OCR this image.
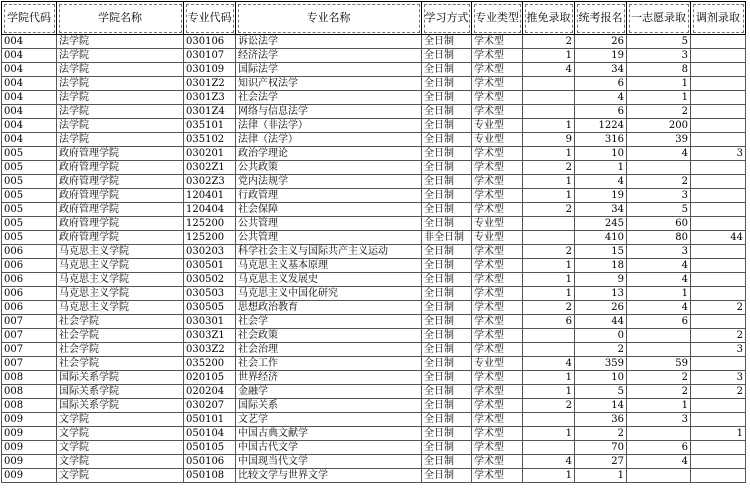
学院代码	学院名称	专业代码	专业名称	学习方式	专业类型	推免录取	统考报名	一志愿录取	调剂录取
004	法学院	030106	诉讼法学	全日制	学术型	2	26	5	
004	法学院	030107	经济法学	全日制	学术型	1	19	3	
004	法学院	030109	国际法学	全日制	学术型	4	34	8	
004	法学院	0301Z2	知识产权法学	全日制	学术型		6	1	
004	法学院	0301Z3	社会法学	全日制	学术型		4	1	
004	法学院	0301Z4	网络与信息法学	全日制	学术型		6	2	
004	法学院	035101	法律（非法学）	全日制	专业型	1	1224	200	
004	法学院	035102	法律（法学）	全日制	专业型	9	316	39	
005	政府管理学院	030201	政治学理论	全日制	学术型	1	10	4	3
005	政府管理学院	0302Z1	公共政策	全日制	学术型	2	1		
005	政府管理学院	0302Z3	党内法规学	全日制	学术型	1	4	2	
005	政府管理学院	120401	行政管理	全日制	学术型	1	19	3	
005	政府管理学院	120404	社会保障	全日制	学术型	2	34	5	
005	政府管理学院	125200	公共管理	全日制	专业型		245	60	
005	政府管理学院	125200	公共管理	非全日制	专业型		410	80	44
006	马克思主义学院	030203	科学社会主义与国际共产主义运动	全日制	学术型	2	15	3	
006	马克思主义学院	030501	马克思主义基本原理	全日制	学术型	1	18	4	
006	马克思主义学院	030502	马克思主义发展史	全日制	学术型	1	9	4	
006	马克思主义学院	030503	马克思主义中国化研究	全日制	学术型	1	13	1	
006	马克思主义学院	030505	思想政治教育	全日制	学术型	2	26	4	2
007	社会学院	030301	社会学	全日制	学术型	6	44	6	
007	社会学院	0303Z1	社会政策	全日制	学术型		0		2
007	社会学院	0303Z2	社会治理	全日制	学术型		2		3
007	社会学院	035200	社会工作	全日制	专业型	4	359	59	
008	国际关系学院	020105	世界经济	全日制	学术型	1	10	2	3
008	国际关系学院	020204	金融学	全日制	学术型	1	5	2	2
008	国际关系学院	030207	国际关系	全日制	学术型	2	14	1	
009	文学院	050101	文艺学	全日制	学术型		36	3	
009	文学院	050104	中国古典文献学	全日制	学术型	1	2		1
009	文学院	050105	中国古代文学	全日制	学术型		70	6	
009	文学院	050106	中国现当代文学	全日制	学术型	4	27	4	
009	文学院	050108	比较文学与世界文学	全日制	学术型	1	1		
